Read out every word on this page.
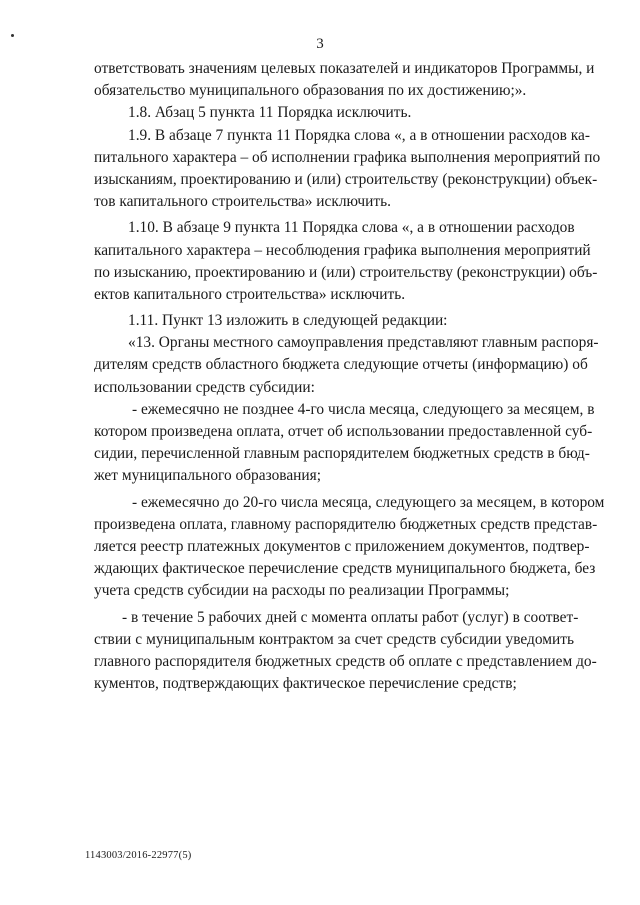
3
ответствовать значениям целевых показателей и индикаторов Программы, и
обязательство муниципального образования по их достижению;».
1.8. Абзац 5 пункта 11 Порядка исключить.
1.9. В абзаце 7 пункта 11 Порядка слова «, а в отношении расходов ка-
питального характера – об исполнении графика выполнения мероприятий по
изысканиям, проектированию и (или) строительству (реконструкции) объек-
тов капитального строительства» исключить.
1.10. В абзаце 9 пункта 11 Порядка слова «, а в отношении расходов
капитального характера – несоблюдения графика выполнения мероприятий
по изысканию, проектированию и (или) строительству (реконструкции) объ-
ектов капитального строительства» исключить.
1.11. Пункт 13 изложить в следующей редакции:
«13. Органы местного самоуправления представляют главным распоря-
дителям средств областного бюджета следующие отчеты (информацию) об
использовании средств субсидии:
- ежемесячно не позднее 4-го числа месяца, следующего за месяцем, в
котором произведена оплата, отчет об использовании предоставленной суб-
сидии, перечисленной главным распорядителем бюджетных средств в бюд-
жет муниципального образования;
- ежемесячно до 20-го числа месяца, следующего за месяцем, в котором
произведена оплата, главному распорядителю бюджетных средств представ-
ляется реестр платежных документов с приложением документов, подтвер-
ждающих фактическое перечисление средств муниципального бюджета, без
учета средств субсидии на расходы по реализации Программы;
- в течение 5 рабочих дней с момента оплаты работ (услуг) в соответ-
ствии с муниципальным контрактом за счет средств субсидии уведомить
главного распорядителя бюджетных средств об оплате с представлением до-
кументов, подтверждающих фактическое перечисление средств;
1143003/2016-22977(5)
